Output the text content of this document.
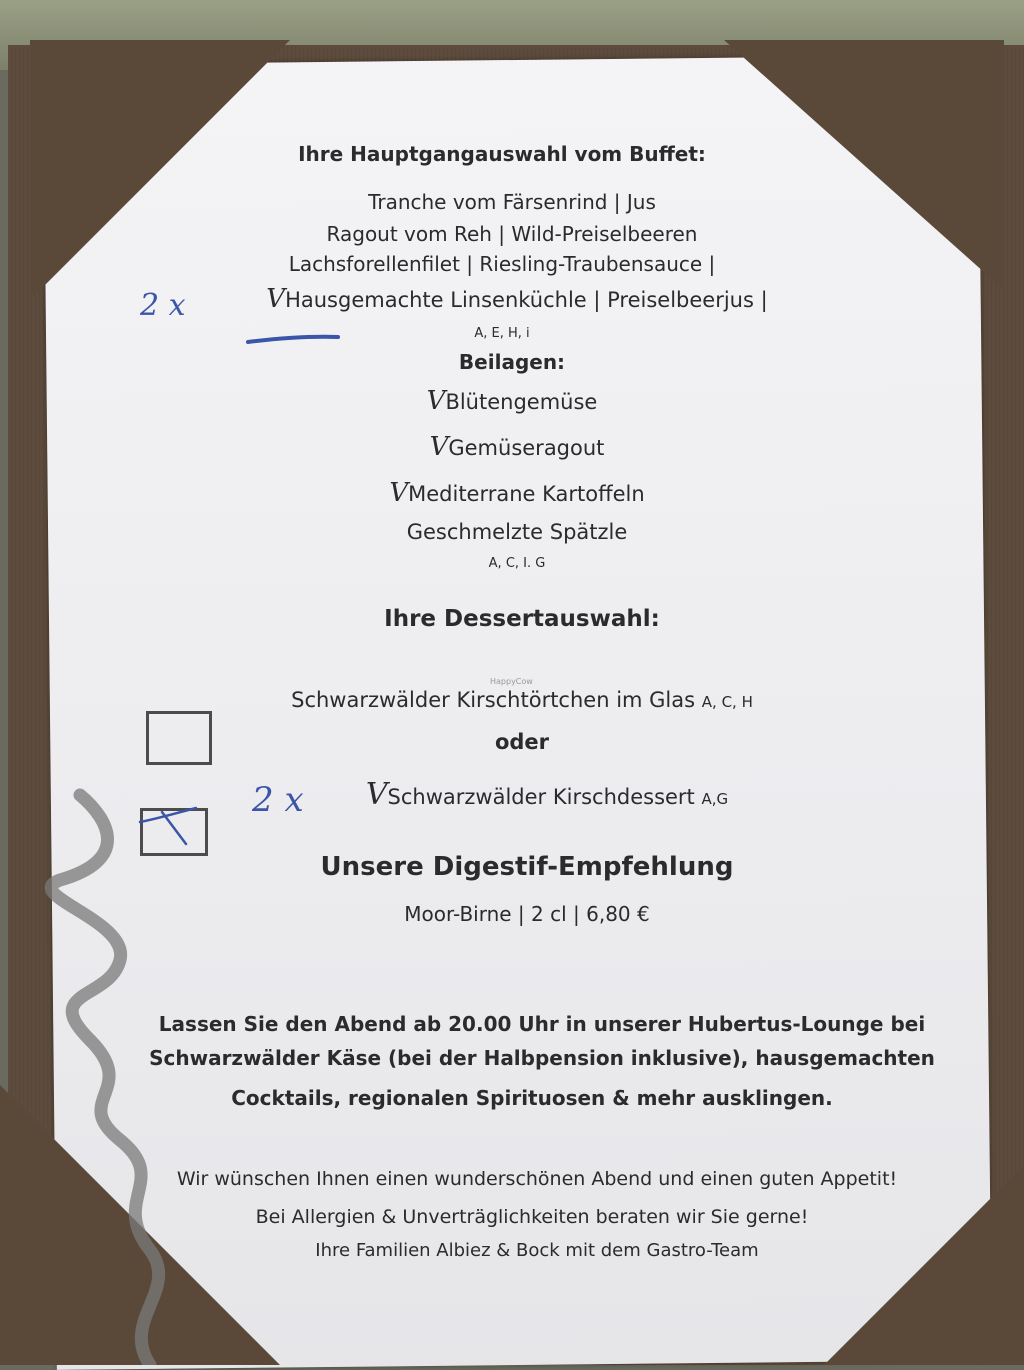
Ihre Hauptgangauswahl vom Buffet:
Tranche vom Färsenrind | Jus
Ragout vom Reh | Wild-Preiselbeeren
Lachsforellenfilet | Riesling-Traubensauce |
VHausgemachte Linsenküchle | Preiselbeerjus |
A, E, H, i
Beilagen:
VBlütengemüse
VGemüseragout
VMediterrane Kartoffeln
Geschmelzte Spätzle
A, C, I. G
Ihre Dessertauswahl:
HappyCow
Schwarzwälder Kirschtörtchen im Glas A, C, H
oder
VSchwarzwälder Kirschdessert A,G
2 x
2 x
Unsere Digestif-Empfehlung
Moor-Birne | 2 cl | 6,80 €
Lassen Sie den Abend ab 20.00 Uhr in unserer Hubertus-Lounge bei
Schwarzwälder Käse (bei der Halbpension inklusive), hausgemachten
Cocktails, regionalen Spirituosen & mehr ausklingen.
Wir wünschen Ihnen einen wunderschönen Abend und einen guten Appetit!
Bei Allergien & Unverträglichkeiten beraten wir Sie gerne!
Ihre Familien Albiez & Bock mit dem Gastro-Team
